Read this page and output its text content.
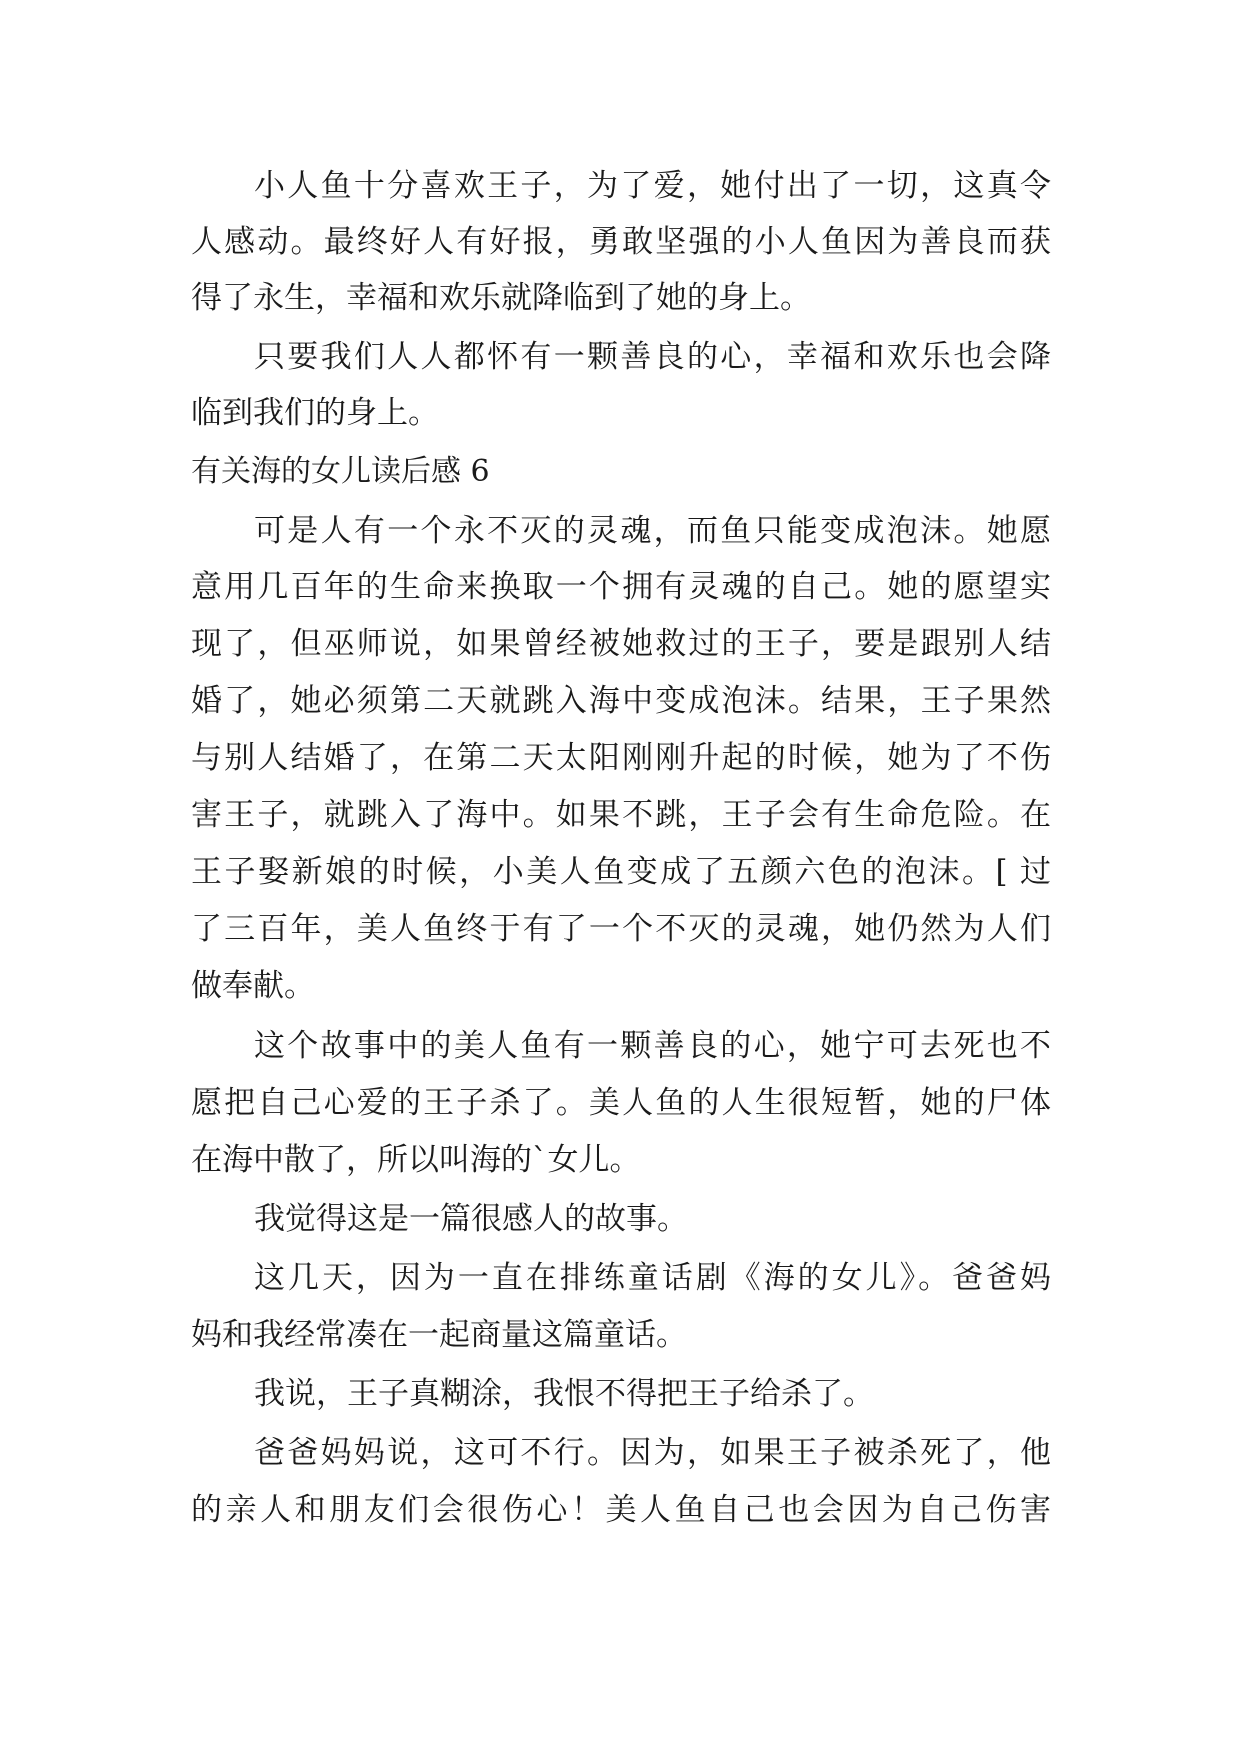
小人鱼十分喜欢王子，为了爱，她付出了一切，这真令
人感动。最终好人有好报，勇敢坚强的小人鱼因为善良而获
得了永生，幸福和欢乐就降临到了她的身上。
只要我们人人都怀有一颗善良的心，幸福和欢乐也会降
临到我们的身上。
有关海的女儿读后感 6
可是人有一个永不灭的灵魂，而鱼只能变成泡沫。她愿
意用几百年的生命来换取一个拥有灵魂的自己。她的愿望实
现了，但巫师说，如果曾经被她救过的王子，要是跟别人结
婚了，她必须第二天就跳入海中变成泡沫。结果，王子果然
与别人结婚了，在第二天太阳刚刚升起的时候，她为了不伤
害王子，就跳入了海中。如果不跳，王子会有生命危险。在
王子娶新娘的时候，小美人鱼变成了五颜六色的泡沫。[ 过
了三百年，美人鱼终于有了一个不灭的灵魂，她仍然为人们
做奉献。
这个故事中的美人鱼有一颗善良的心，她宁可去死也不
愿把自己心爱的王子杀了。美人鱼的人生很短暂，她的尸体
在海中散了，所以叫海的`女儿。
我觉得这是一篇很感人的故事。
这几天，因为一直在排练童话剧《海的女儿》。爸爸妈
妈和我经常凑在一起商量这篇童话。
我说，王子真糊涂，我恨不得把王子给杀了。
爸爸妈妈说，这可不行。因为，如果王子被杀死了，他
的亲人和朋友们会很伤心！美人鱼自己也会因为自己伤害
